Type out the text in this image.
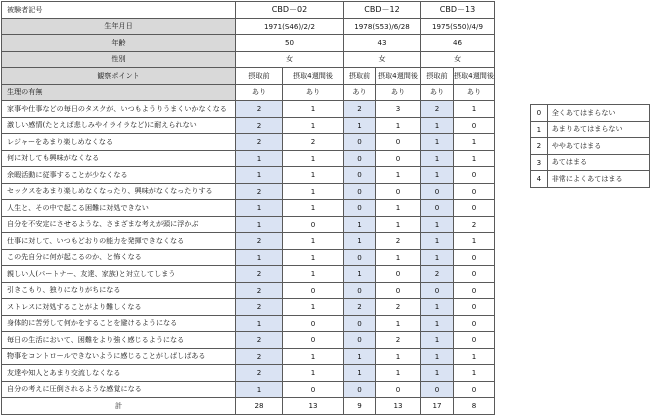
被験者記号	CBD－02		CBD－12		CBD－13	
生年月日	1971(S46)/2/2		1978(S53)/6/28		1975(S50)/4/9	
年齢	50		43		46	
性別	女		女		女	
観察ポイント	摂取前	摂取4週間後	摂取前	摂取4週間後	摂取前	摂取4週間後
生理の有無	あり	あり	あり	あり	あり	あり
家事や仕事などの毎日のタスクが、いつもようりうまくいかなくなる	2	1	2	3	2	1
激しい感情(たとえば悲しみやイライラなど)に耐えられない	2	1	1	1	1	0
レジャーをあまり楽しめなくなる	2	2	0	0	1	1
何に対しても興味がなくなる	1	1	0	0	1	1
余暇活動に従事することが少なくなる	1	1	0	1	1	0
セックスをあまり楽しめなくなったり、興味がなくなったりする	2	1	0	0	0	0
人生と、その中で起こる困難に対処できない	1	1	0	1	0	0
自分を不安定にさせるような、さまざまな考えが頭に浮かぶ	1	0	1	1	1	2
仕事に対して、いつもどおりの能力を発揮できなくなる	2	1	1	2	1	1
この先自分に何が起こるのか、と怖くなる	1	1	0	1	1	0
親しい人(パートナー、友達、家族)と対立してしまう	2	1	1	0	2	0
引きこもり、独りになりがちになる	2	0	0	0	0	0
ストレスに対処することがより難しくなる	2	1	2	2	1	0
身体的に苦労して何かをすることを避けるようになる	1	0	0	1	1	0
毎日の生活において、困難をより強く感じるようになる	2	0	0	2	1	0
物事をコントロールできないように感じることがしばしばある	2	1	1	1	1	1
友達や知人とあまり交流しなくなる	2	1	1	1	1	1
自分の考えに圧倒されるような感覚になる	1	0	0	0	0	0
計	28	13	9	13	17	8
0	全くあてはまらない
1	あまりあてはまらない
2	ややあてはまる
3	あてはまる
4	非常によくあてはまる
